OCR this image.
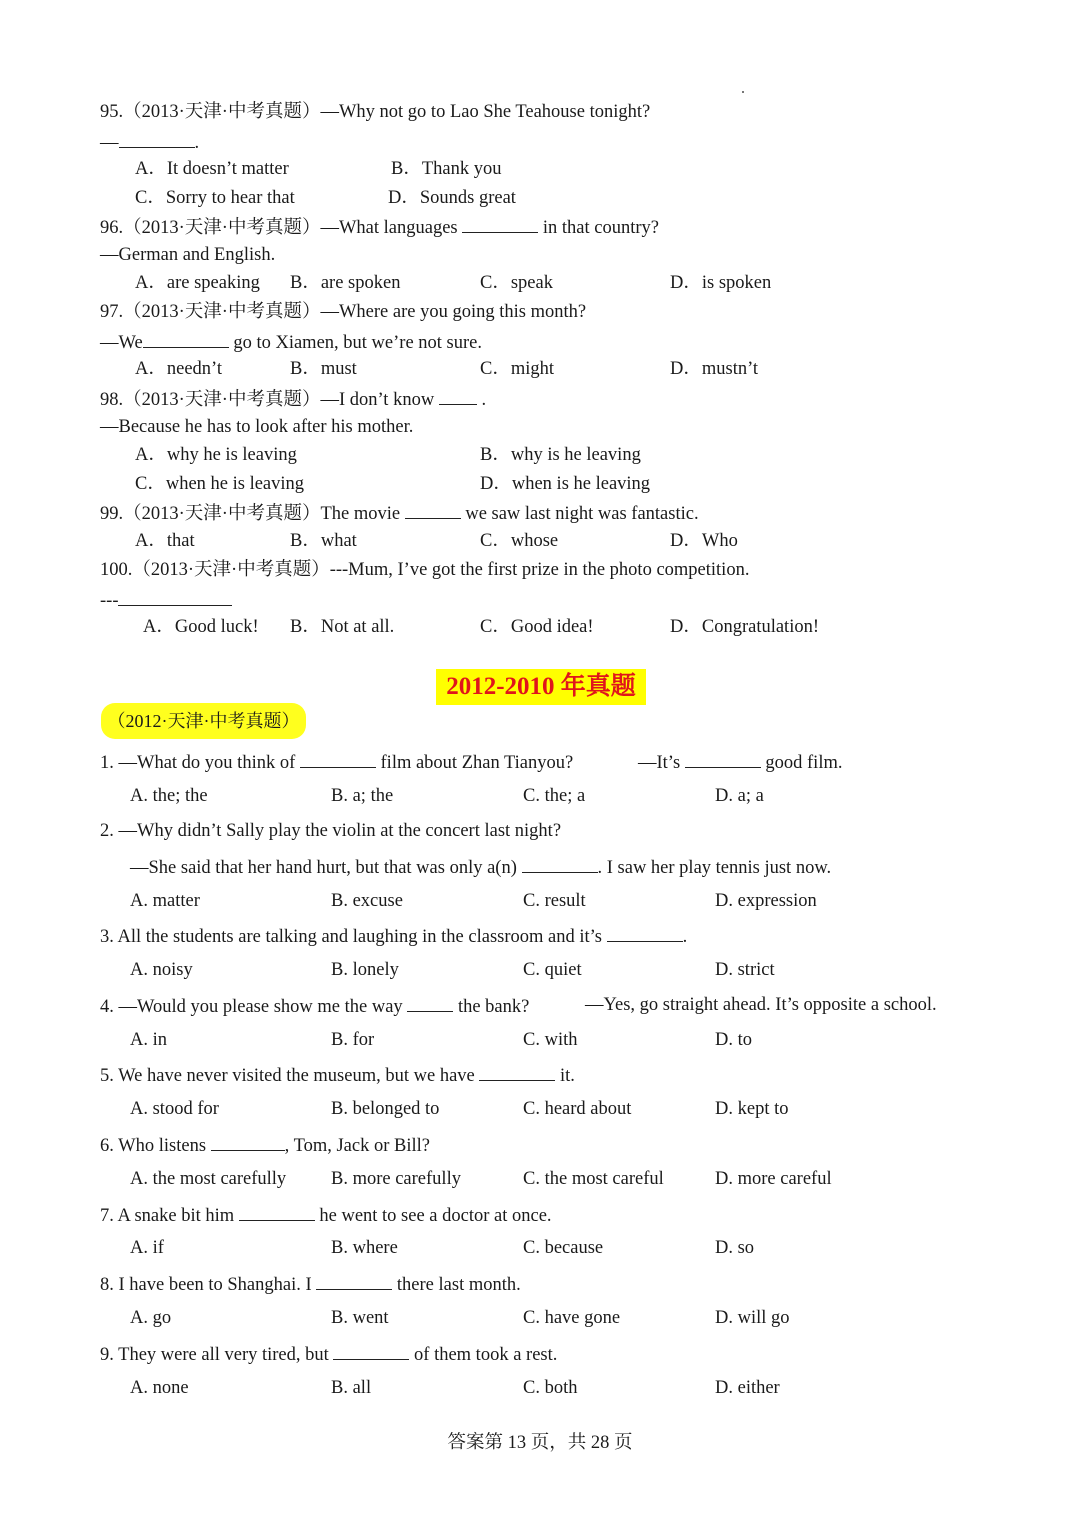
95.（2013·天津·中考真题）—Why not go to Lao She Teahouse tonight?
—	.
A．It doesn’t matter	B．Thank you
C．Sorry to hear that	D．Sounds great
96.（2013·天津·中考真题）—What languages	in that country?
—German and English.
A．are speaking B．are spoken	C．speak	D．is spoken
97.（2013·天津·中考真题）—Where are you going this month?
—We	go to Xiamen, but we’re not sure.
A．needn’t	B．must	C．might	D．mustn’t
98.（2013·天津·中考真题）—I don’t know	.
—Because he has to look after his mother.
A．why he is leaving	B．why is he leaving
C．when he is leaving	D．when is he leaving
99.（2013·天津·中考真题）The movie	we saw last night was fantastic.
A．that	B．what	C．whose	D．Who
100.（2013·天津·中考真题）---Mum, I’ve got the first prize in the photo competition.
---
A．Good luck! B．Not at all.	C．Good idea!	D．Congratulation!
2012-2010 年真题
（2012·天津·中考真题）
1. —What do you think of	film about Zhan Tianyou?	—It’s	good film.
A. the; the	B. a; the	C. the; a	D. a; a
2. —Why didn’t Sally play the violin at the concert last night?
—She said that her hand hurt, but that was only a(n)	. I saw her play tennis just now.
A. matter	B. excuse	C. result	D. expression
3. All the students are talking and laughing in the classroom and it’s	.
A. noisy	B. lonely	C. quiet	D. strict
4. —Would you please show me the way	the bank?	—Yes, go straight ahead. It’s opposite a school.
A. in	B. for	C. with	D. to
5. We have never visited the museum, but we have	it.
A. stood for	B. belonged to	C. heard about	D. kept to
6. Who listens	, Tom, Jack or Bill?
A. the most carefully B. more carefully	C. the most careful	D. more careful
7. A snake bit him	he went to see a doctor at once.
A. if	B. where	C. because	D. so
8. I have been to Shanghai. I	there last month.
A. go	B. went	C. have gone	D. will go
9. They were all very tired, but	of them took a rest.
A. none	B. all	C. both	D. either
答案第 13 页，共 28 页
